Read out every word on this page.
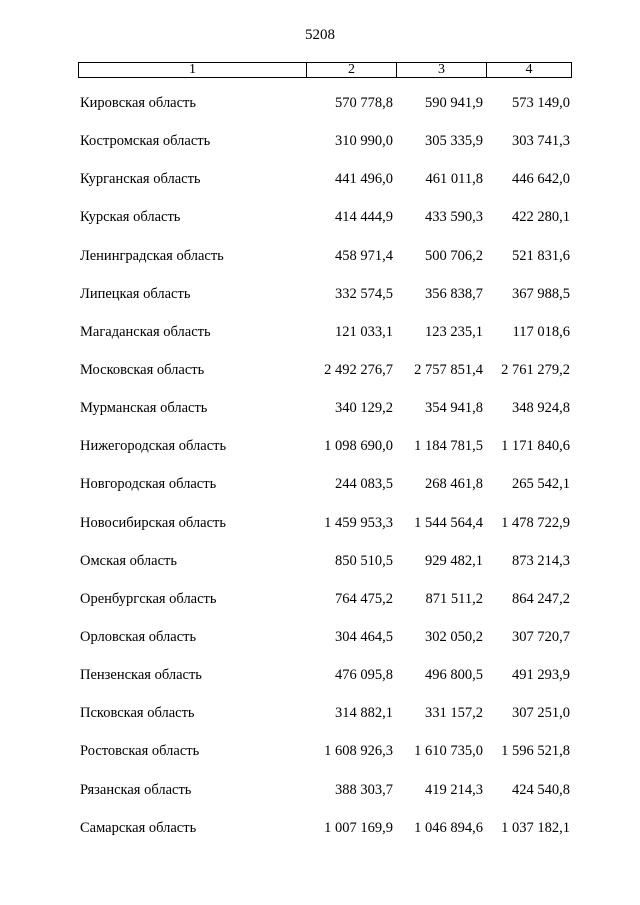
5208
1	2	3	4
Кировская область	570 778,8	590 941,9	573 149,0
Костромская область	310 990,0	305 335,9	303 741,3
Курганская область	441 496,0	461 011,8	446 642,0
Курская область	414 444,9	433 590,3	422 280,1
Ленинградская область	458 971,4	500 706,2	521 831,6
Липецкая область	332 574,5	356 838,7	367 988,5
Магаданская область	121 033,1	123 235,1	117 018,6
Московская область	2 492 276,7	2 757 851,4	2 761 279,2
Мурманская область	340 129,2	354 941,8	348 924,8
Нижегородская область	1 098 690,0	1 184 781,5	1 171 840,6
Новгородская область	244 083,5	268 461,8	265 542,1
Новосибирская область	1 459 953,3	1 544 564,4	1 478 722,9
Омская область	850 510,5	929 482,1	873 214,3
Оренбургская область	764 475,2	871 511,2	864 247,2
Орловская область	304 464,5	302 050,2	307 720,7
Пензенская область	476 095,8	496 800,5	491 293,9
Псковская область	314 882,1	331 157,2	307 251,0
Ростовская область	1 608 926,3	1 610 735,0	1 596 521,8
Рязанская область	388 303,7	419 214,3	424 540,8
Самарская область	1 007 169,9	1 046 894,6	1 037 182,1
